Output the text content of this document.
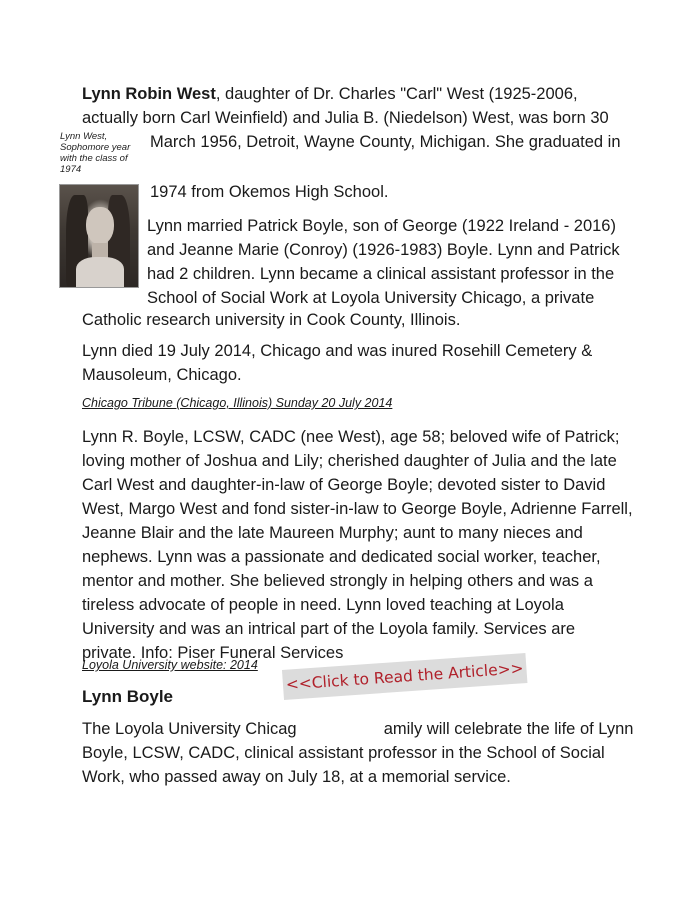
Lynn Robin West, daughter of Dr. Charles "Carl" West (1925-2006,

actually born Carl Weinfield) and Julia B. (Niedelson) West, was born 30

March 1956, Detroit, Wayne County, Michigan. She graduated in

1974 from Okemos High School.

Lynn West,
Sophomore year
with the class of
1974

Lynn married Patrick Boyle, son of George (1922 Ireland - 2016)

and Jeanne Marie (Conroy) (1926-1983) Boyle. Lynn and Patrick

had 2 children. Lynn became a clinical assistant professor in the

School of Social Work at Loyola University Chicago, a private

Catholic research university in Cook County, Illinois.

Lynn died 19 July 2014, Chicago and was inured Rosehill Cemetery &

Mausoleum, Chicago.

Chicago Tribune (Chicago, Illinois) Sunday 20 July 2014

Lynn R. Boyle, LCSW, CADC (nee West), age 58; beloved wife of Patrick;

loving mother of Joshua and Lily; cherished daughter of Julia and the late

Carl West and daughter-in-law of George Boyle; devoted sister to David

West, Margo West and fond sister-in-law to George Boyle, Adrienne Farrell,

Jeanne Blair and the late Maureen Murphy; aunt to many nieces and

nephews. Lynn was a passionate and dedicated social worker, teacher,

mentor and mother. She believed strongly in helping others and was a

tireless advocate of people in need. Lynn loved teaching at Loyola

University and was an intrical part of the Loyola family. Services are

private. Info: Piser Funeral Services

Loyola University website: 2014
Lynn Boyle

The Loyola University Chicag                   amily will celebrate the life of Lynn

Boyle, LCSW, CADC, clinical assistant professor in the School of Social

Work, who passed away on July 18, at a memorial service.

<<Click to Read the Article>>
